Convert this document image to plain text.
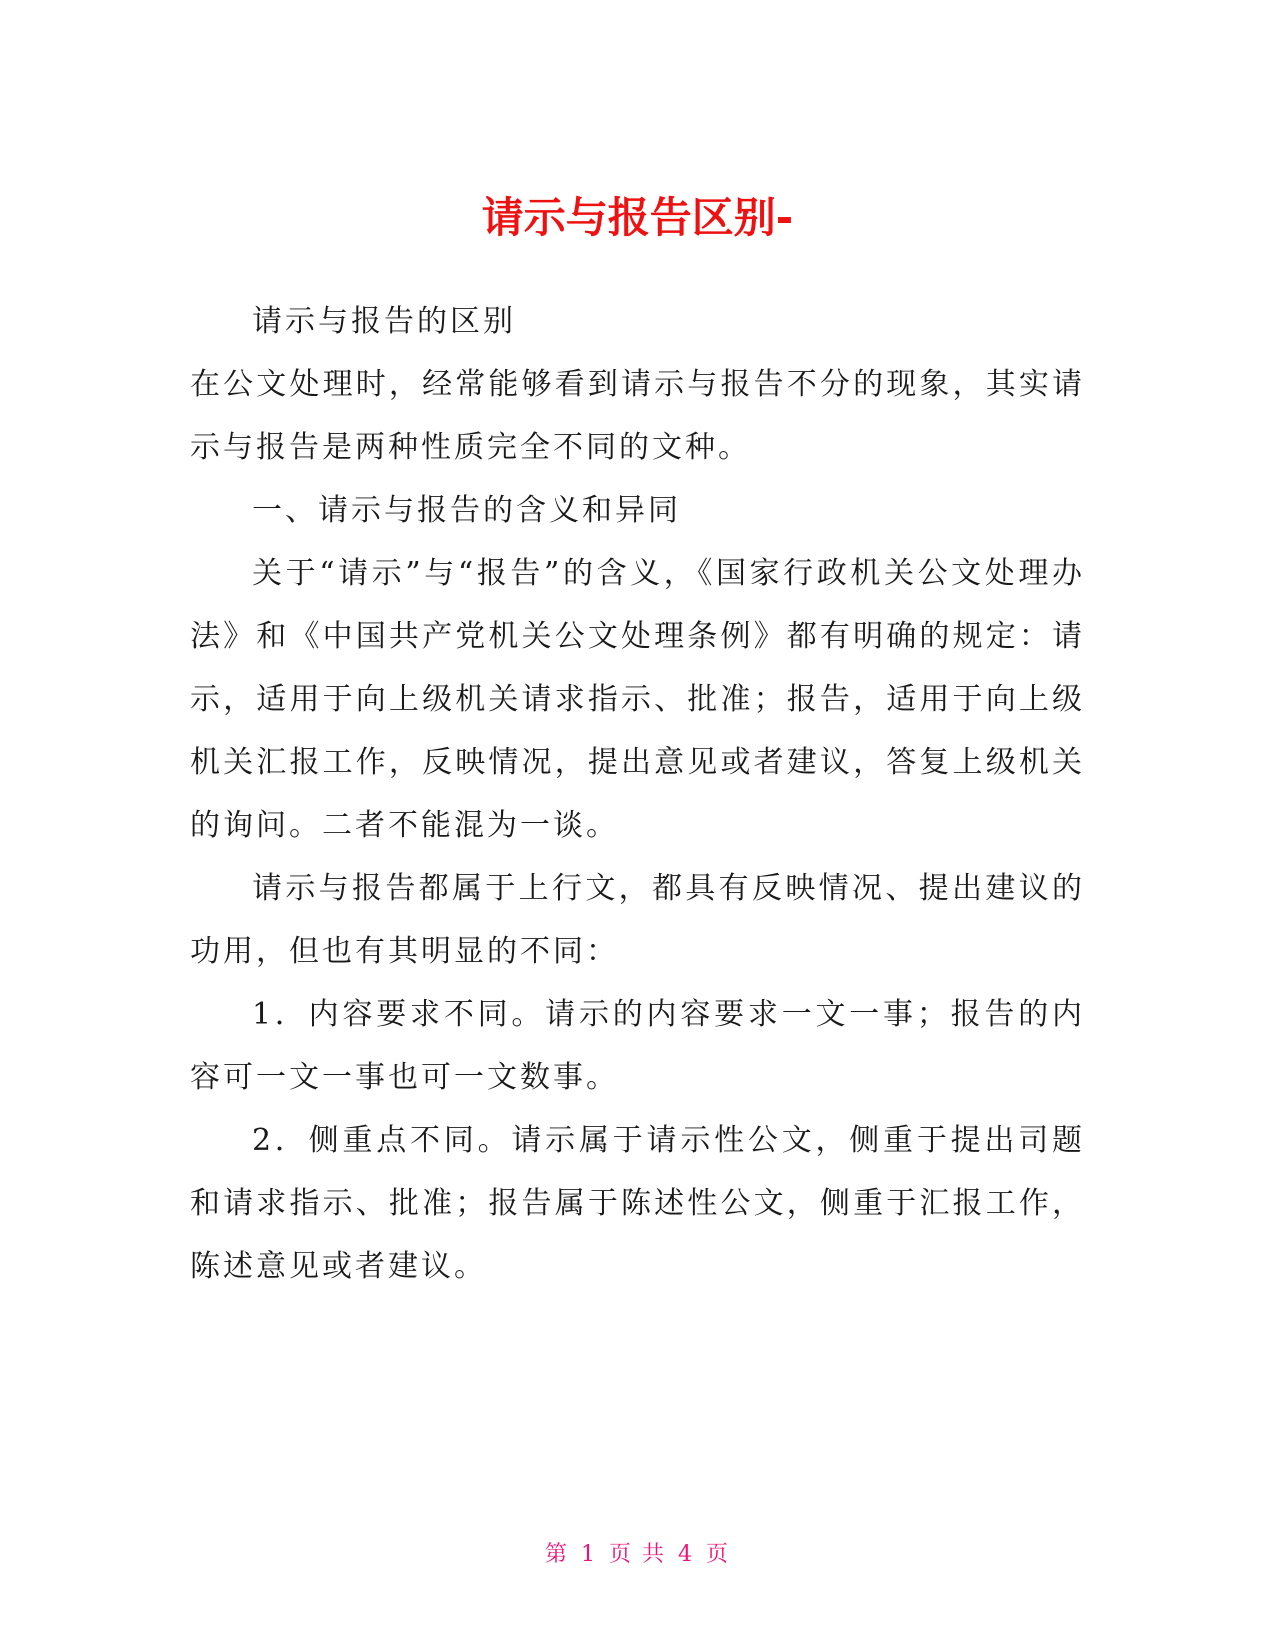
请示与报告区别-

请示与报告的区别

在公文处理时，经常能够看到请示与报告不分的现象，其实请示与报告是两种性质完全不同的文种。

一、请示与报告的含义和异同

关于“请示”与“报告”的含义，《国家行政机关公文处理办法》和《中国共产党机关公文处理条例》都有明确的规定：请示，适用于向上级机关请求指示、批准；报告，适用于向上级机关汇报工作，反映情况，提出意见或者建议，答复上级机关的询问。二者不能混为一谈。

请示与报告都属于上行文，都具有反映情况、提出建议的功用，但也有其明显的不同：

1．内容要求不同。请示的内容要求一文一事；报告的内容可一文一事也可一文数事。

2．侧重点不同。请示属于请示性公文，侧重于提出司题和请求指示、批准；报告属于陈述性公文，侧重于汇报工作，陈述意见或者建议。

第 1 页 共 4 页
